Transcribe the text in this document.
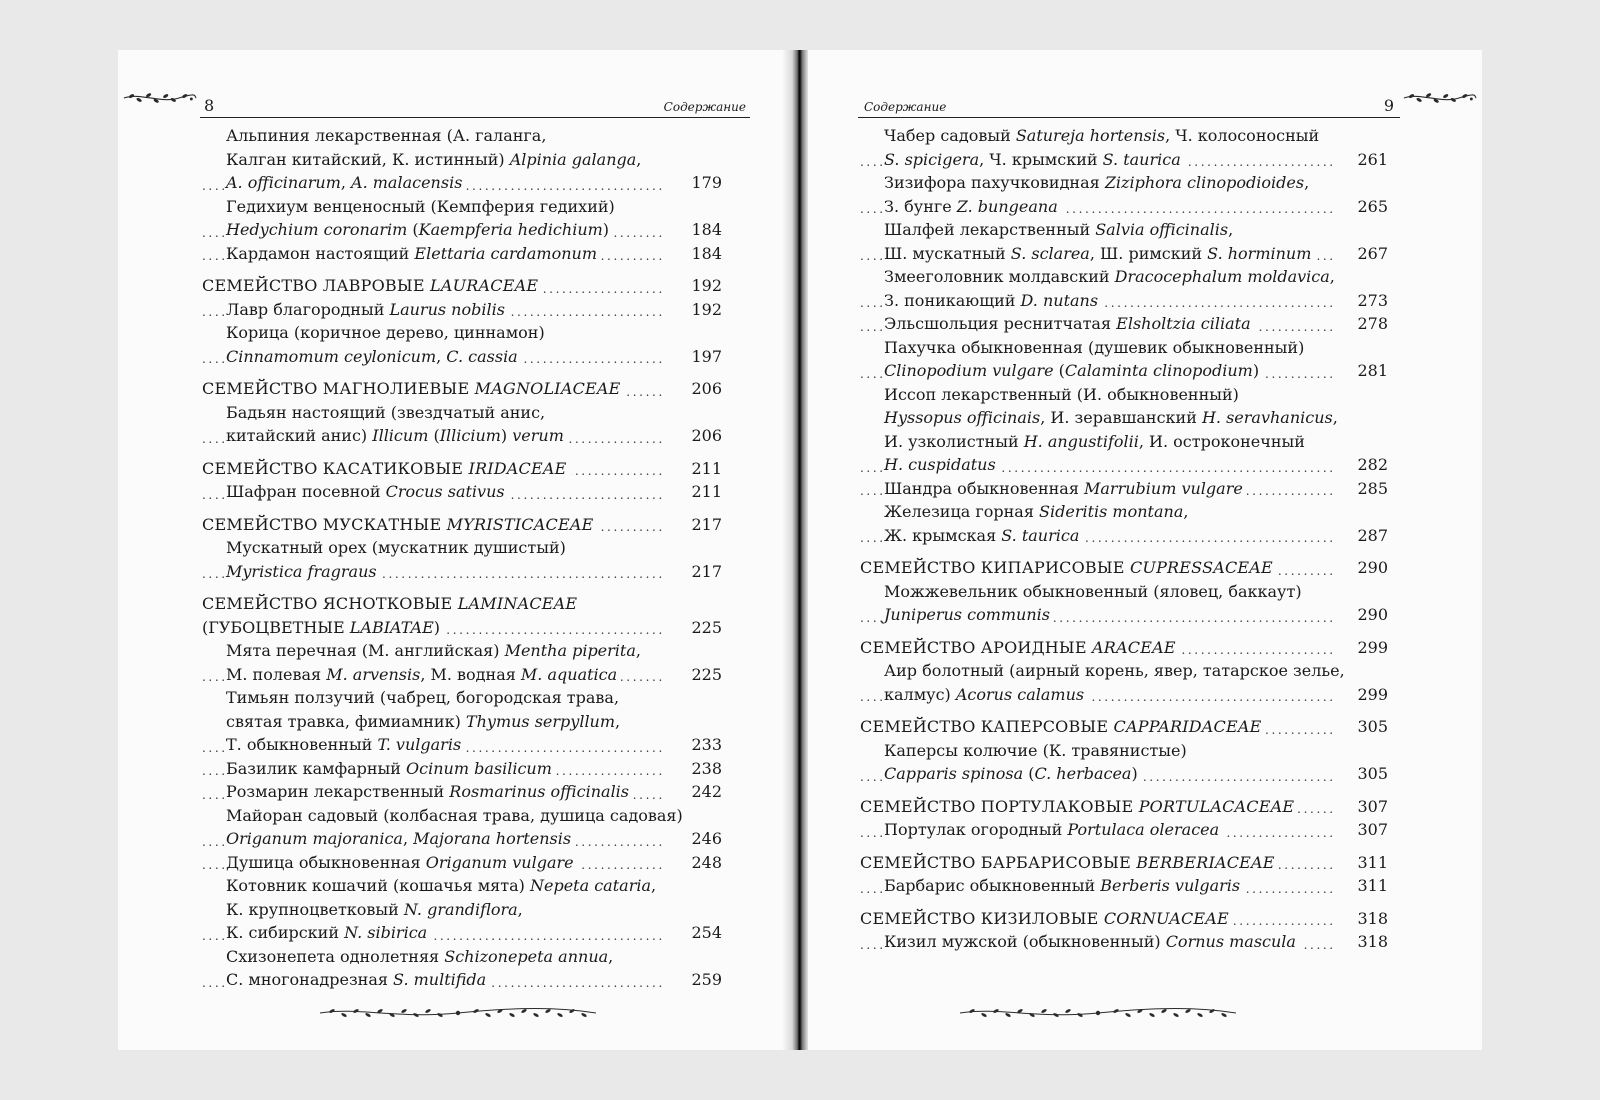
8	Содержание
Альпиния лекарственная (А. галанга,
Калган китайский, К. истинный) Alpinia galanga,
A. officinarum, A. malacensis	179
. . .
Гедихиум венценосный (Кемпферия гедихий)
Hedychium coronarim (Kaempferia hedichium)	184
. . .
Кардамон настоящий Elettaria cardamonum	184
. . .
СЕМЕЙСТВО ЛАВРОВЫЕ LAURACEAE	192
. . .
Лавр благородный Laurus nobilis	192
. . .
Корица (коричное дерево, циннамон)
Cinnamomum ceylonicum, C. cassia	197
. . .
СЕМЕЙСТВО МАГНОЛИЕВЫЕ MAGNOLIACEAE	206
. . .
Бадьян настоящий (звездчатый анис,
китайский анис) Illicum (Illicium) verum	206
. . .
СЕМЕЙСТВО КАСАТИКОВЫЕ IRIDACEAE	211
. . .
Шафран посевной Crocus sativus	211
. . .
СЕМЕЙСТВО МУСКАТНЫЕ MYRISTICACEAE	217
. . .
Мускатный орех (мускатник душистый)
Myristica fragraus	217
. . .
СЕМЕЙСТВО ЯСНОТКОВЫЕ LAMINACEAE
(ГУБОЦВЕТНЫЕ LABIATAE)	225
. . .
Мята перечная (М. английская) Mentha piperita,
М. полевая M. arvensis, М. водная M. aquatica	225
. . .
Тимьян ползучий (чабрец, богородская трава,
святая травка, фимиамник) Thymus serpyllum,
Т. обыкновенный T. vulgaris	233
. . .
Базилик камфарный Ocinum basilicum	238
. . .
Розмарин лекарственный Rosmarinus officinalis	242
. . .
Майоран садовый (колбасная трава, душица садовая)
Origanum majoranica, Majorana hortensis	246
. . .
Душица обыкновенная Origanum vulgare	248
. . .
Котовник кошачий (кошачья мята) Nepeta cataria,
К. крупноцветковый N. grandiflora,
К. сибирский N. sibirica	254
. . .
Схизонепета однолетняя Schizonepeta annua,
С. многонадрезная S. multifida	259
. . .
Содержание	9
Чабер садовый Satureja hortensis, Ч. колосоносный
S. spicigera, Ч. крымский S. taurica	261
. . .
Зизифора пахучковидная Ziziphora clinopodioides,
З. бунге Z. bungeana	265
. . .
Шалфей лекарственный Salvia officinalis,
Ш. мускатный S. sclarea, Ш. римский S. horminum	267
. . .
Змееголовник молдавский Dracocephalum moldavica,
З. поникающий D. nutans	273
. . .
Эльсшольция реснитчатая Elsholtzia ciliata	278
. . .
Пахучка обыкновенная (душевик обыкновенный)
Clinopodium vulgare (Calaminta clinopodium)	281
. . .
Иссоп лекарственный (И. обыкновенный)
Hyssopus officinais, И. зеравшанский H. seravhanicus,
И. узколистный H. angustifolii, И. остроконечный
H. cuspidatus	282
. . .
Шандра обыкновенная Marrubium vulgare	285
. . .
Железица горная Sideritis montana,
Ж. крымская S. taurica	287
. . .
СЕМЕЙСТВО КИПАРИСОВЫЕ CUPRESSACEAE	290
. . .
Можжевельник обыкновенный (яловец, баккаут)
Juniperus communis	290
. . .
СЕМЕЙСТВО АРОИДНЫЕ ARACEAE	299
. . .
Аир болотный (аирный корень, явер, татарское зелье,
калмус) Acorus calamus	299
. . .
СЕМЕЙСТВО КАПЕРСОВЫЕ CAPPARIDACEAE	305
. . .
Каперсы колючие (К. травянистые)
Capparis spinosa (C. herbacea)	305
. . .
СЕМЕЙСТВО ПОРТУЛАКОВЫЕ PORTULACACEAE	307
. . .
Портулак огородный Portulaca oleracea	307
. . .
СЕМЕЙСТВО БАРБАРИСОВЫЕ BERBERIACEAE	311
. . .
Барбарис обыкновенный Berberis vulgaris	311
. . .
СЕМЕЙСТВО КИЗИЛОВЫЕ CORNUACEAE	318
. . .
Кизил мужской (обыкновенный) Cornus mascula	318
. . .
